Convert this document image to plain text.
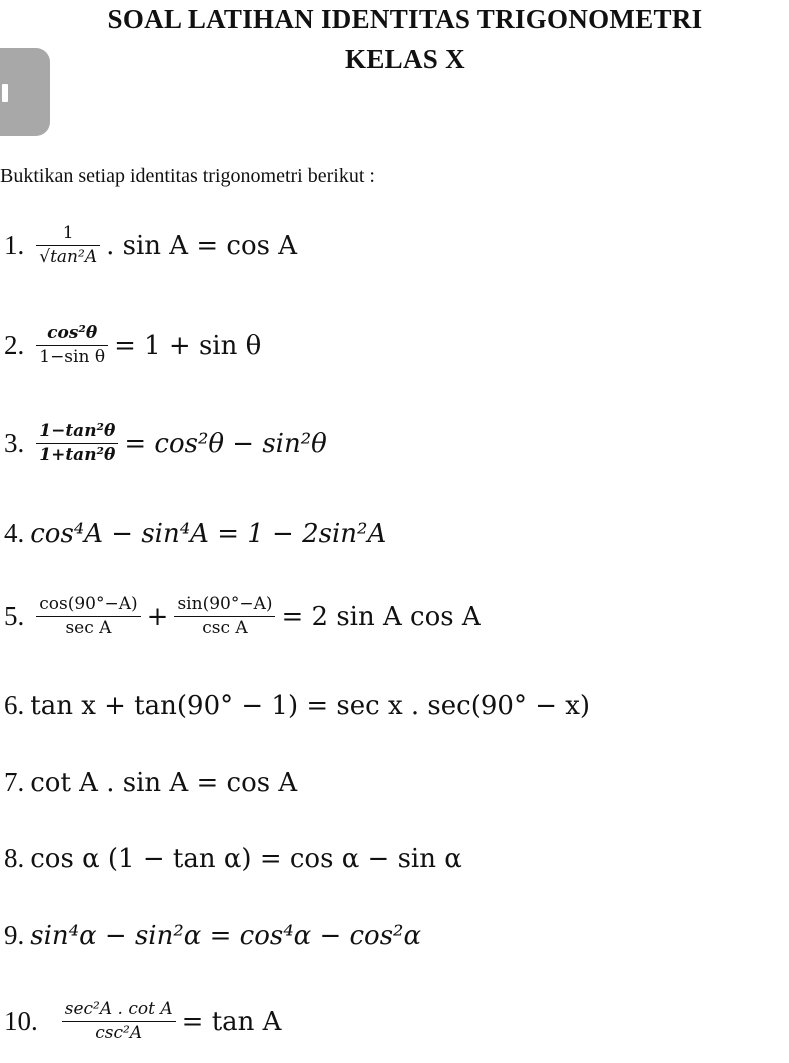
SOAL LATIHAN IDENTITAS TRIGONOMETRI
KELAS X
Buktikan setiap identitas trigonometri berikut :
1. $\frac{1}{\text{√tan²A}}$ . sin A = cos A
2. $\frac{\text{cos²θ}}{\text{1−sin θ}} = 1 + \sin \theta$
3. $\frac{\text{1−tan²θ}}{\text{1+tan²θ}} = \cos^2\theta - \sin^2\theta$
4. cos⁴A − sin⁴A = 1 − 2sin²A
5. $\frac{\cos(90^\circ-A)}{\text{sec A}} + \frac{\sin(90^\circ-A)}{\text{csc A}} = 2$ sin A cos A
6. tan x + tan(90° − 1) = sec x . sec(90° − x)
7. cot A . sin A = cos A
8. cos α (1 − tan α) = cos α − sin α
9. sin⁴α − sin²α = cos⁴α − cos²α
10. $\frac{\text{sec²A . cot A}}{\text{csc²A}} = \tan A$
